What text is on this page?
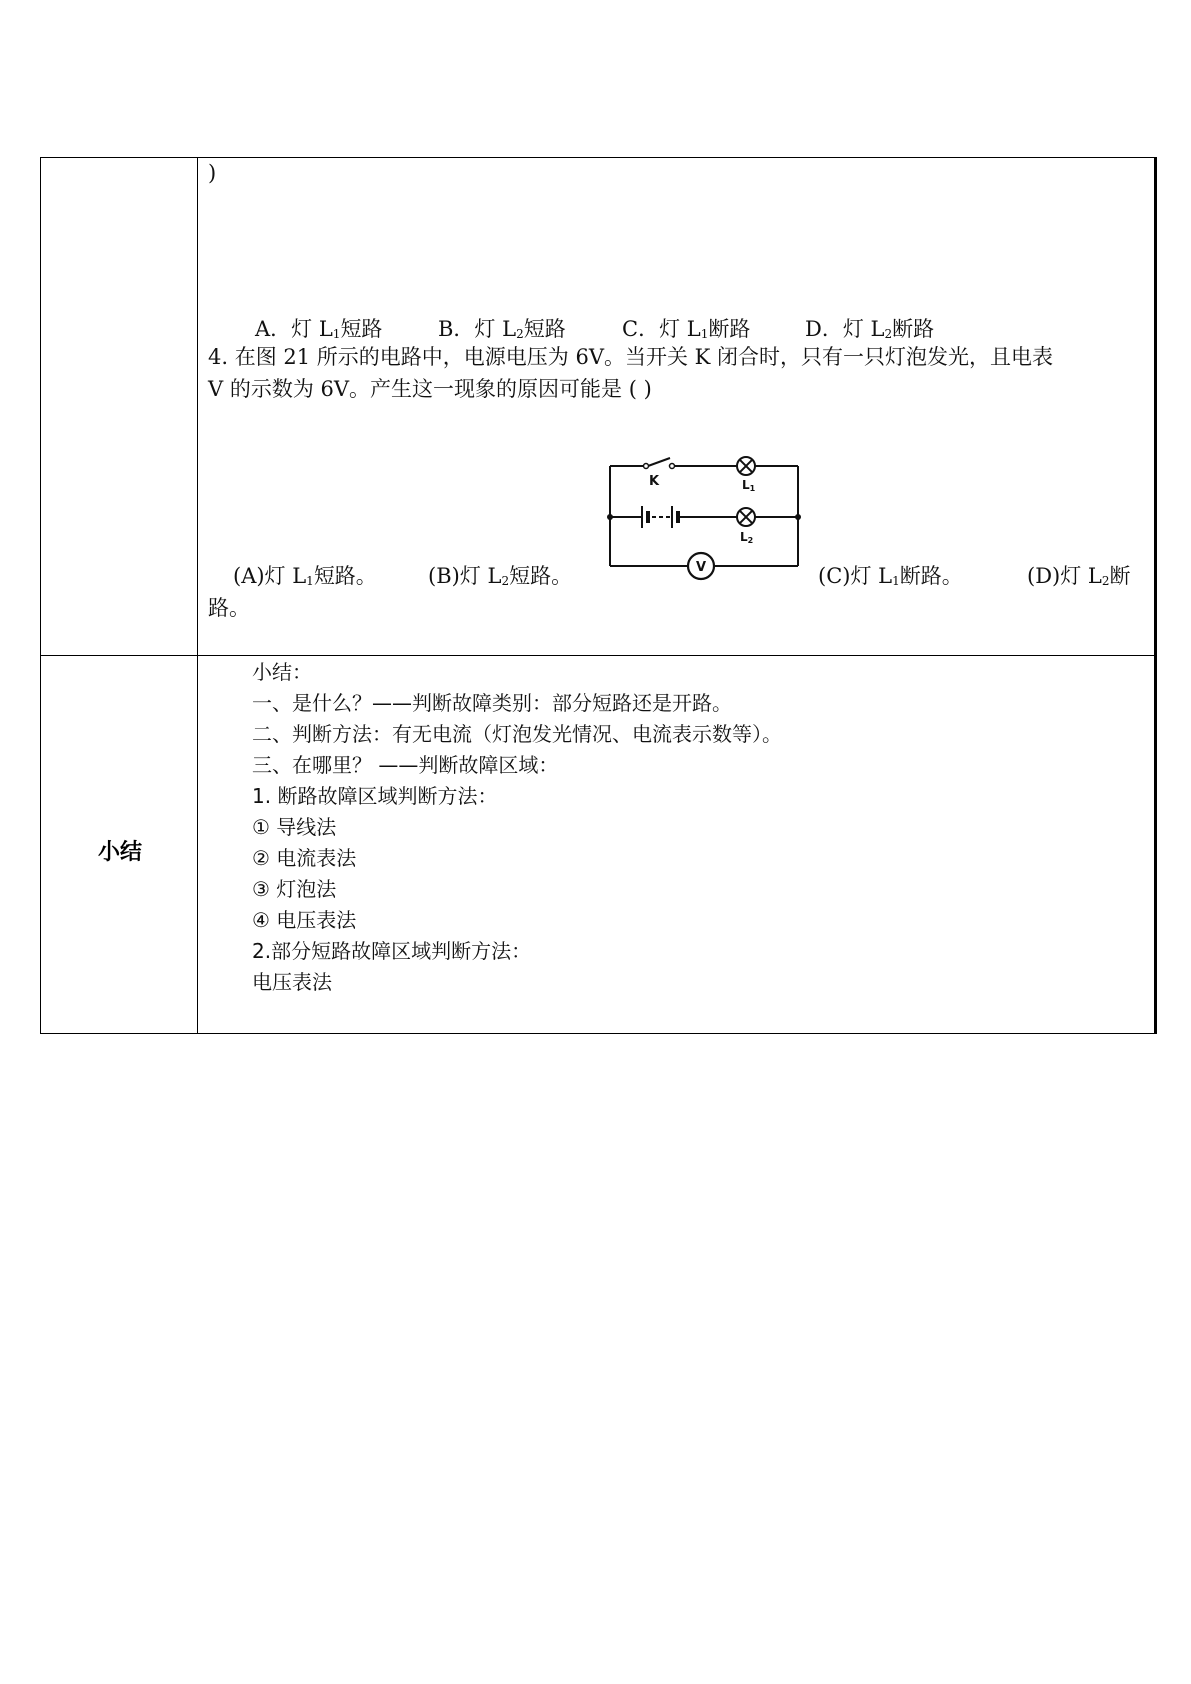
)
A．灯 L1短路	B．灯 L2短路	C．灯 L1断路	D．灯 L2断路
4. 在图 21 所示的电路中，电源电压为 6V。当开关 K 闭合时，只有一只灯泡发光，且电表
V 的示数为 6V。产生这一现象的原因可能是 ( )
V
K	L1
L2
(A)灯 L1短路。 (B)灯 L2短路。	(C)灯 L1断路。	(D)灯 L2断
路。
小结
小结：
一、是什么？——判断故障类别：部分短路还是开路。
二、判断方法：有无电流（灯泡发光情况、电流表示数等）。
三、在哪里？ ——判断故障区域：
1. 断路故障区域判断方法：
① 导线法
② 电流表法
③ 灯泡法
④ 电压表法
2.部分短路故障区域判断方法：
电压表法
